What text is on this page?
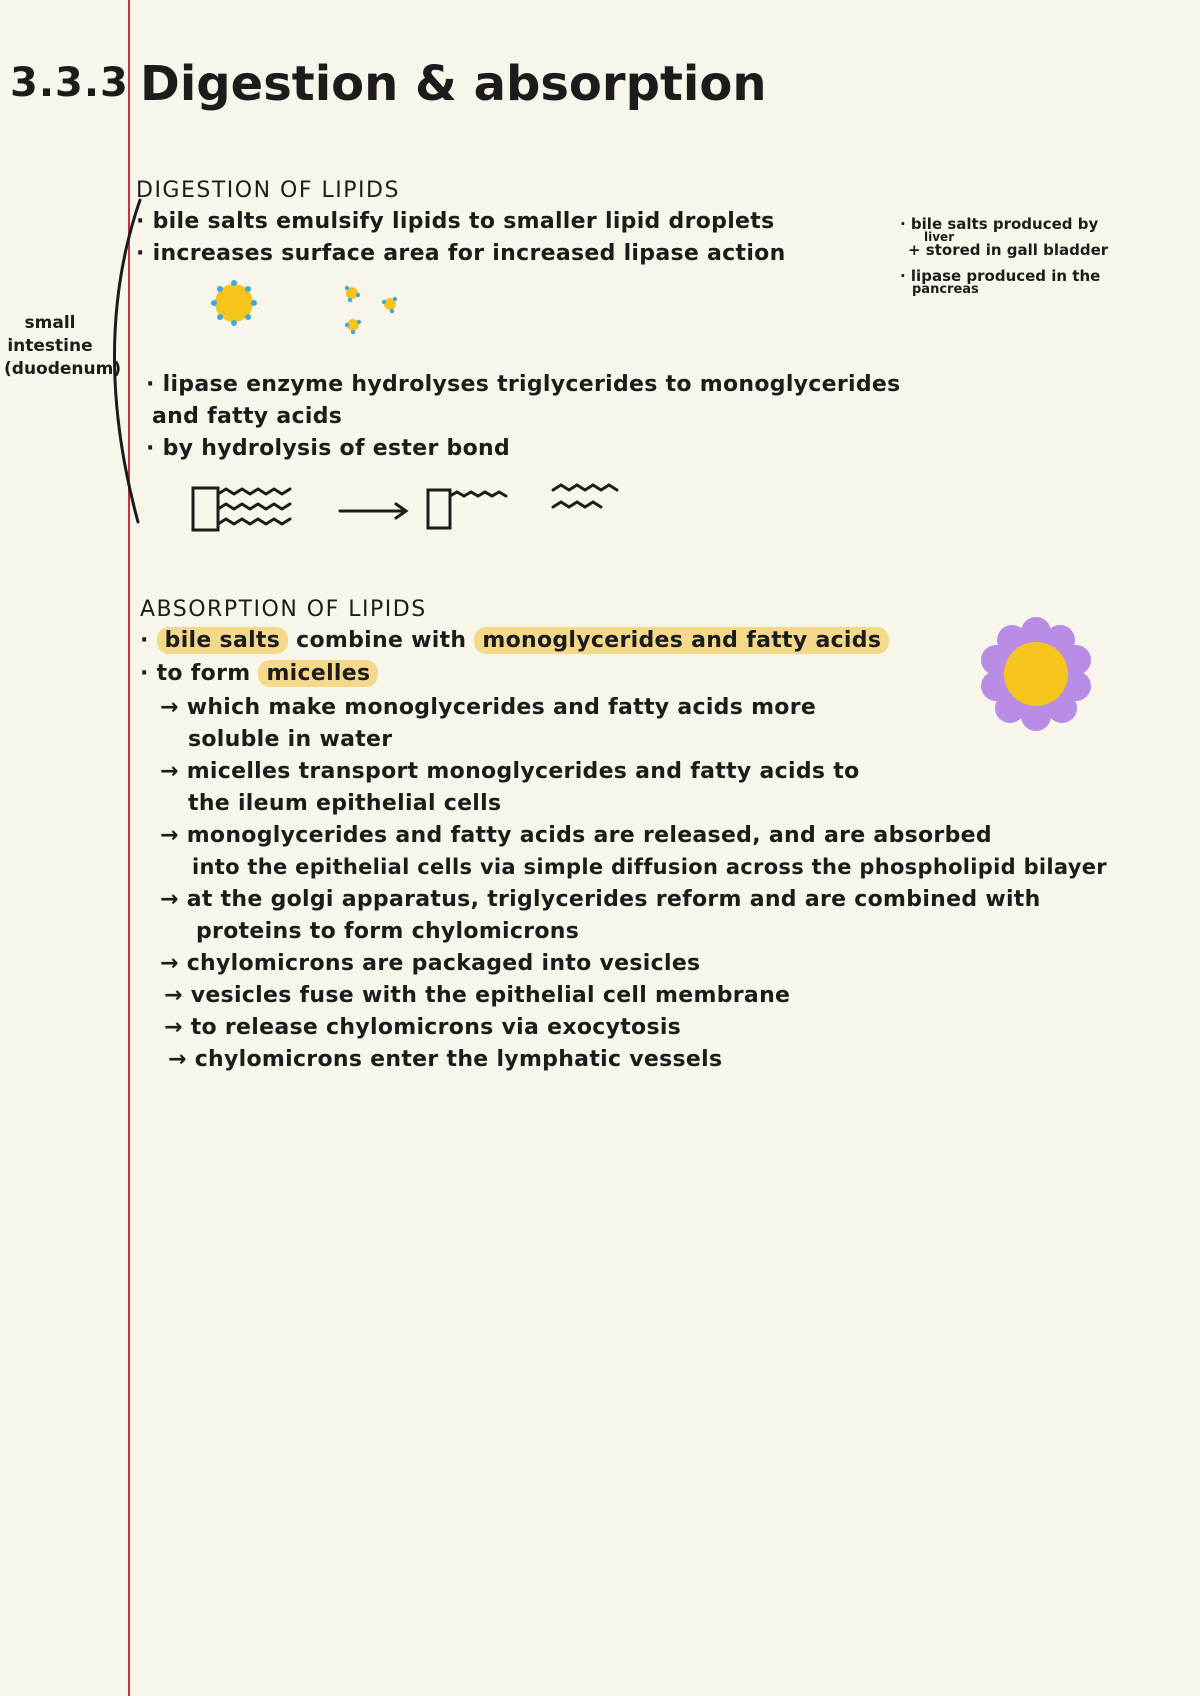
3.3.3 Digestion & absorption
small
intestine
(duodenum)
DIGESTION OF LIPIDS
· bile salts emulsify lipids to smaller lipid droplets
· increases surface area for increased lipase action
· bile salts produced by
liver
+ stored in gall bladder
· lipase produced in the
pancreas
· lipase enzyme hydrolyses triglycerides to monoglycerides
and fatty acids
· by hydrolysis of ester bond
ABSORPTION OF LIPIDS
· bile salts combine with monoglycerides and fatty acids
· to form micelles
→ which make monoglycerides and fatty acids more
soluble in water
→ micelles transport monoglycerides and fatty acids to
the ileum epithelial cells
→ monoglycerides and fatty acids are released, and are absorbed
into the epithelial cells via simple diffusion across the phospholipid bilayer
→ at the golgi apparatus, triglycerides reform and are combined with
proteins to form chylomicrons
→ chylomicrons are packaged into vesicles
→ vesicles fuse with the epithelial cell membrane
→ to release chylomicrons via exocytosis
→ chylomicrons enter the lymphatic vessels
